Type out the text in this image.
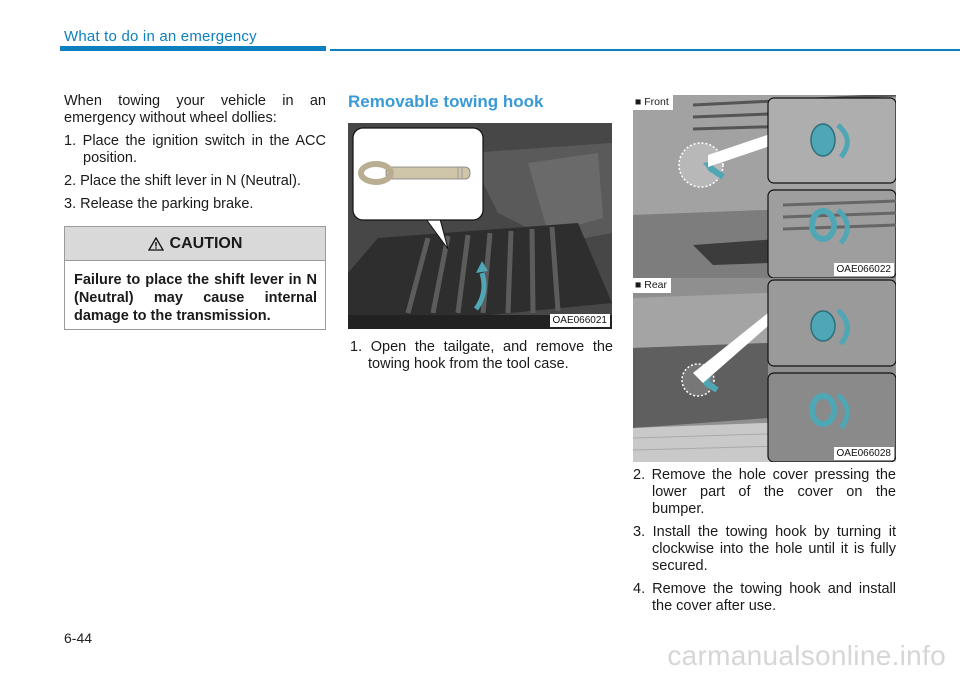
What to do in an emergency

When towing your vehicle in an emergency without wheel dollies:

1. Place the ignition switch in the ACC position.
2. Place the shift lever in N (Neutral).
3. Release the parking brake.
CAUTION
Failure to place the shift lever in N (Neutral) may cause internal damage to the transmission.
Removable towing hook
OAE066021
1. Open the tailgate, and remove the towing hook from the tool case.
■ Front
OAE066022
■ Rear
OAE066028
2. Remove the hole cover pressing the lower part of the cover on the bumper.
3. Install the towing hook by turning it clockwise into the hole until it is fully secured.
4. Remove the towing hook and install the cover after use.
6-44
carmanualsonline.info
